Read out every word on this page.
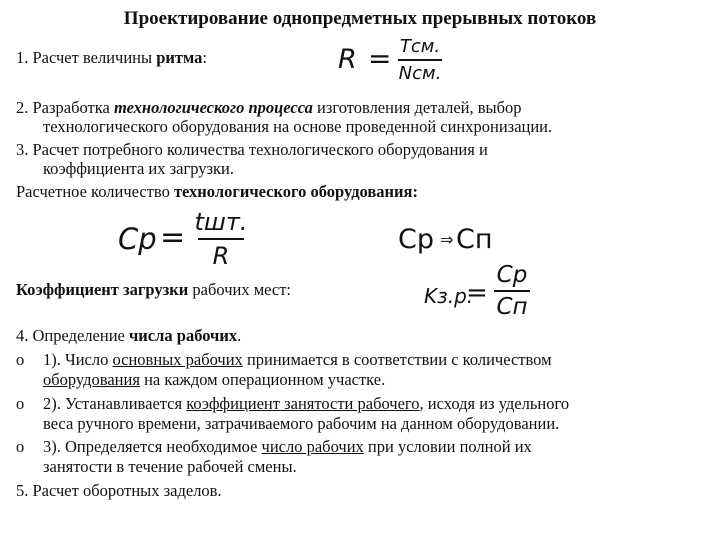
Проектирование однопредметных прерывных потоков
1. Расчет величины ритма:	R = Tсм.
Nсм.
2. Разработка технологического процесса изготовления деталей, выбор
технологического оборудования на основе проведенной синхронизации.
3. Расчет потребного количества технологического оборудования и
коэффициента их загрузки.
Расчетное количество технологического оборудования:
Cp = tшт.
R
Cp ⇒ Cп
Коэффициент загрузки рабочих мест:	Kз.р.
=
Cp
Cп
4. Определение числа рабочих.
o 1). Число основных рабочих принимается в соответствии с количеством
оборудования на каждом операционном участке.
o 2). Устанавливается коэффициент занятости рабочего, исходя из удельного
веса ручного времени, затрачиваемого рабочим на данном оборудовании.
o 3). Определяется необходимое число рабочих при условии полной их
занятости в течение рабочей смены.
5. Расчет оборотных заделов.
